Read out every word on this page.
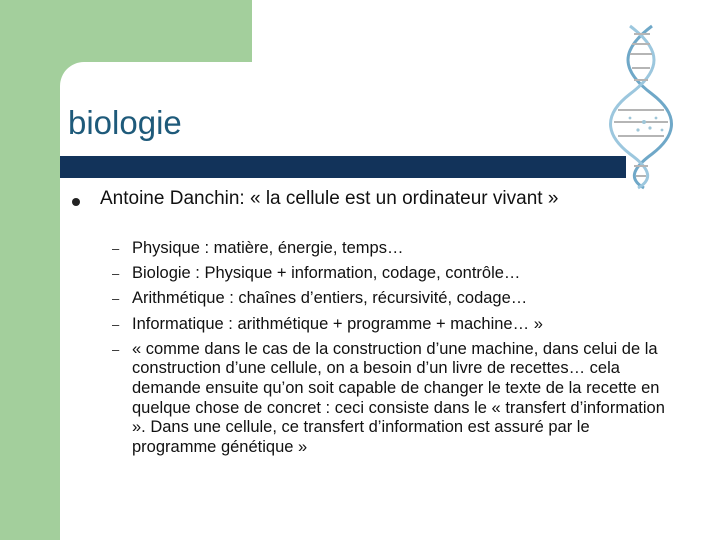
biologie
Antoine Danchin: « la cellule est un ordinateur vivant »
– Physique : matière, énergie, temps…
– Biologie : Physique + information, codage, contrôle…
– Arithmétique : chaînes d’entiers, récursivité, codage…
– Informatique : arithmétique + programme + machine… »
– « comme dans le cas de la construction d’une machine, dans celui de la construction d’une cellule, on a besoin d’un livre de recettes… cela demande ensuite qu’on soit capable de changer le texte de la recette en quelque chose de concret : ceci consiste dans le « transfert d’information ». Dans une cellule, ce transfert d’information est assuré par le programme génétique »
